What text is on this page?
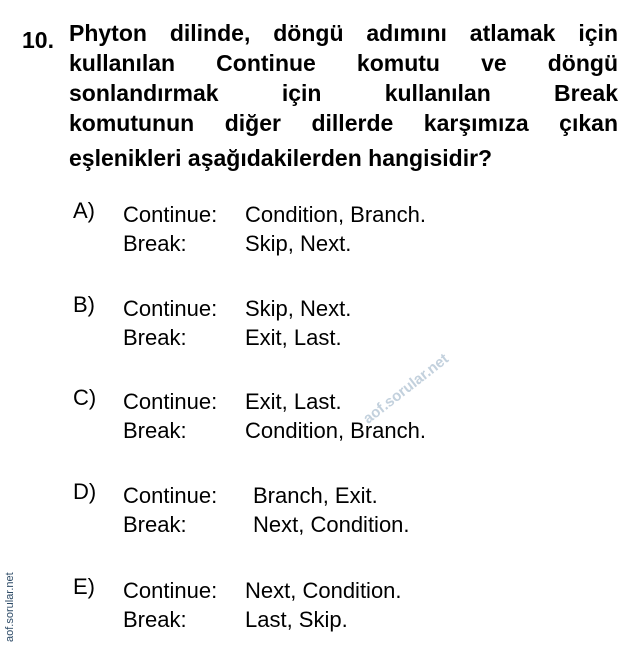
10. Phyton dilinde, döngü adımını atlamak için
kullanılan Continue komutu ve döngü
sonlandırmak için kullanılan Break
komutunun diğer dillerde karşımıza çıkan
eşlenikleri aşağıdakilerden hangisidir?
A) Continue: Condition, Branch.
Break:	Skip, Next.
B) Continue: Skip, Next.
Break:	Exit, Last.
C) Continue: Exit, Last.
Break:	Condition, Branch.
D) Continue: Branch, Exit.
Break:	Next, Condition.
E) Continue: Next, Condition.
Break:	Last, Skip.
aof.sorular.net
aof.sorular.net
